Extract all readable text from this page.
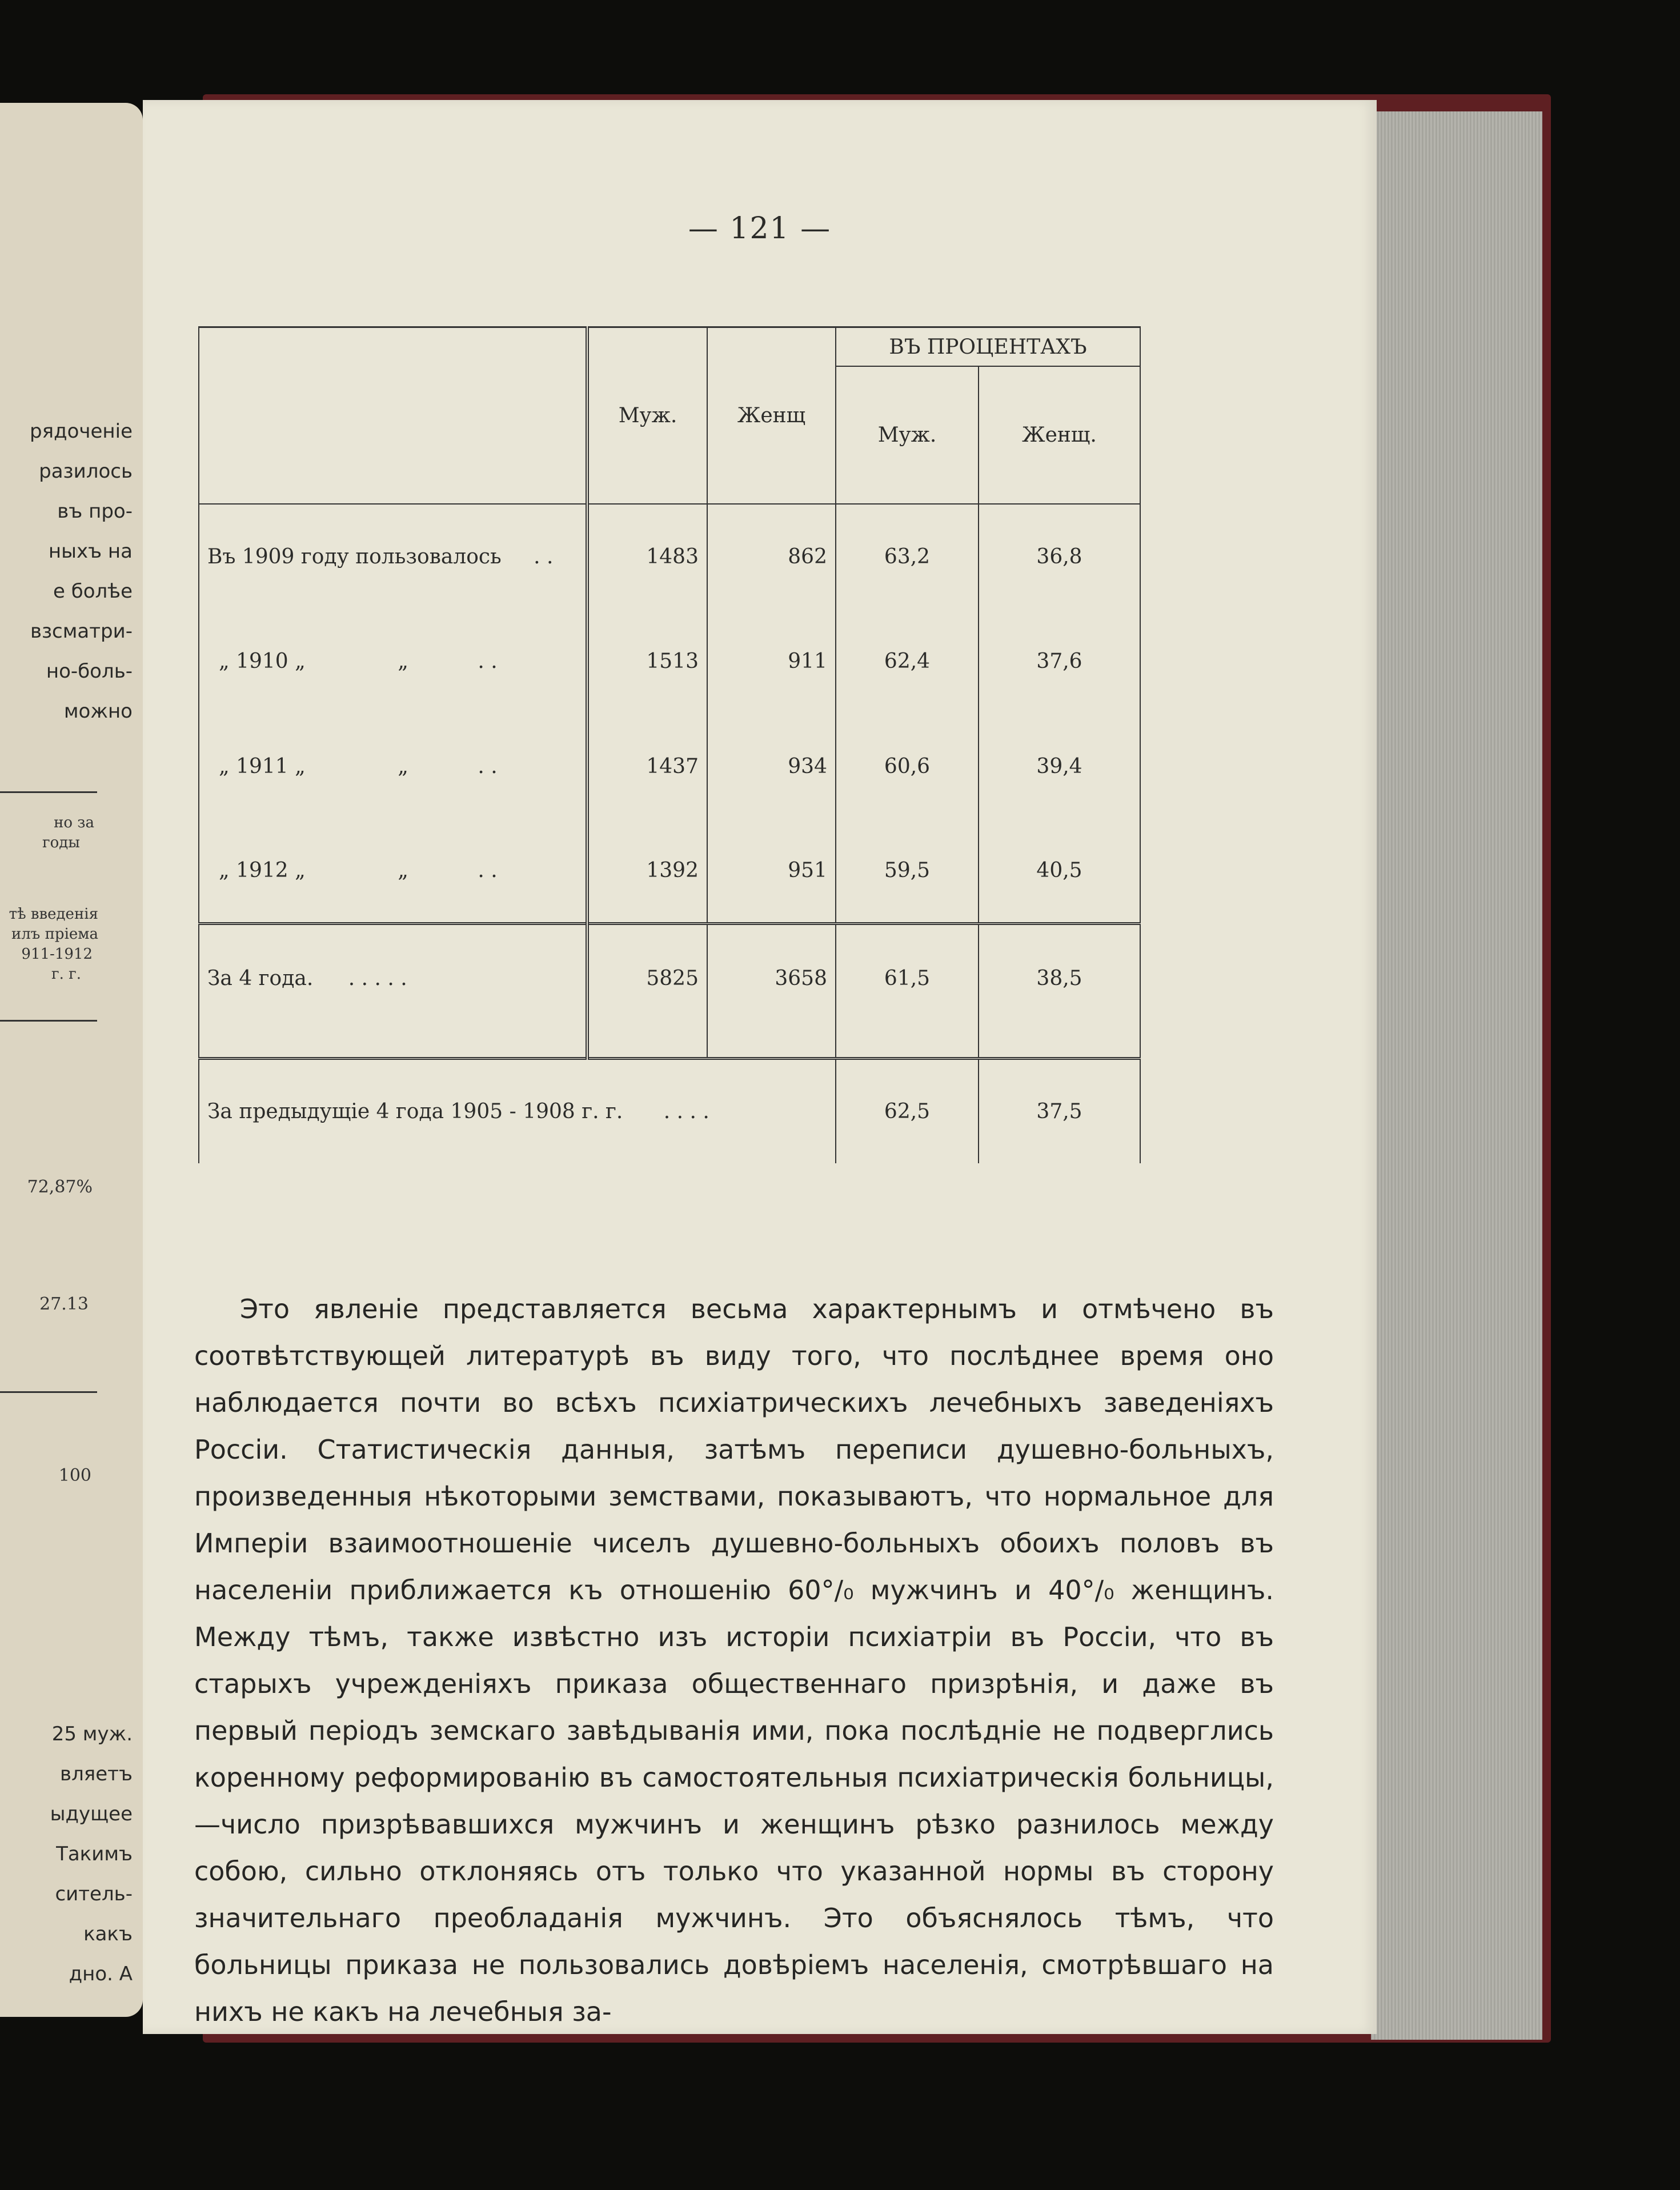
рядоченіе
разилось
въ про-
ныхъ на
е болѣе
взсматри-
но-боль-
можно
но за
годы
тѣ введенія
илъ пріема
911-1912
г. г.
72,87%
27.13
100
25 муж.
вляетъ
ыдущее
Такимъ
ситель-
какъ
дно. А
— 121 —
	Муж.	Женщ	ВЪ ПРОЦЕНТАХЪ	
			Муж.	Женщ.
Въ 1909 году пользовалось . .	1483	862	63,2	36,8
„ 1910 „ „ . .	1513	911	62,4	37,6
„ 1911 „ „ . .	1437	934	60,6	39,4
„ 1912 „ „ . .	1392	951	59,5	40,5
За 4 года. . . . . .	5825	3658	61,5	38,5

За предыдущіе 4 года 1905 - 1908 г. г. . . . .			62,5	37,5
Это явленіе представляется весьма характернымъ и отмѣчено въ соотвѣтствующей литературѣ въ виду того, что послѣднее время оно наблюдается почти во всѣхъ психіатрическихъ лечебныхъ заведеніяхъ Россіи. Статистическія данныя, затѣмъ переписи душевно-больныхъ, произведенныя нѣкоторыми земствами, показываютъ, что нормальное для Имперіи взаимоотношеніе чиселъ душевно-больныхъ обоихъ половъ въ населеніи приближается къ отношенію 60°/₀ мужчинъ и 40°/₀ женщинъ. Между тѣмъ, также извѣстно изъ исторіи психіатріи въ Россіи, что въ старыхъ учрежденіяхъ приказа общественнаго призрѣнія, и даже въ первый періодъ земскаго завѣдыванія ими, пока послѣдніе не подверглись коренному реформированію въ самостоятельныя психіатрическія больницы,—число призрѣвавшихся мужчинъ и женщинъ рѣзко разнилось между собою, сильно отклоняясь отъ только что указанной нормы въ сторону значительнаго преобладанія мужчинъ. Это объяснялось тѣмъ, что больницы приказа не пользовались довѣріемъ населенія, смотрѣвшаго на нихъ не какъ на лечебныя за-
